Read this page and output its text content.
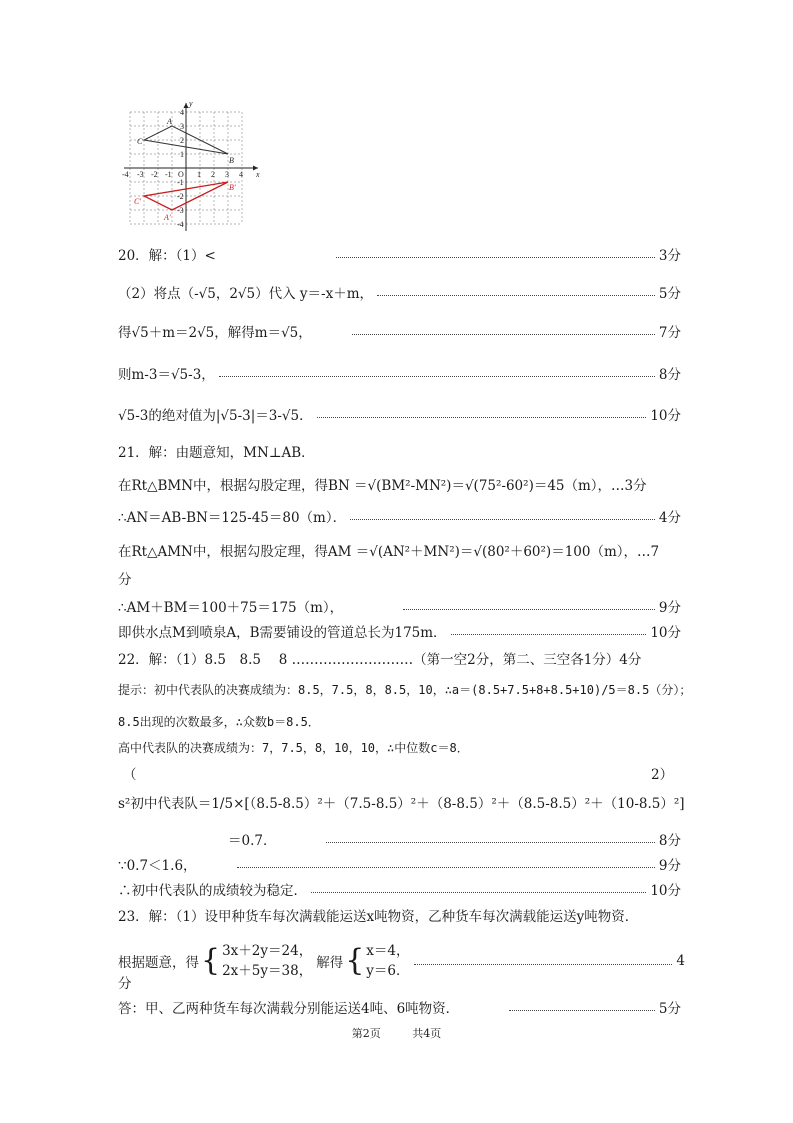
-4 -3 -2 -1 O 1 2 3 4 x
4
3
2
1
-1
-2
-3
-4
y
A
B
C
A'
B'
C'
20．解：（1）<	3分
（2）将点（-√5，2√5）代入 y＝-x＋m，	5分
得√5＋m＝2√5，解得m＝√5，	7分
则m-3＝√5-3，	8分
√5-3的绝对值为|√5-3|＝3-√5．	10分
21．解：由题意知，MN⊥AB．
在Rt△BMN中，根据勾股定理，得BN ＝√(BM²-MN²)＝√(75²-60²)＝45（m），…3分
∴AN＝AB-BN＝125-45＝80（m）．	4分
在Rt△AMN中，根据勾股定理，得AM ＝√(AN²＋MN²)＝√(80²＋60²)＝100（m），…7
分
∴AM＋BM＝100＋75＝175（m），	9分
即供水点M到喷泉A，B需要铺设的管道总长为175m．	10分
22．解：（1）8.5　8.5　 8 ………………………（第一空2分，第二、三空各1分）4分
提示：初中代表队的决赛成绩为：8.5，7.5，8，8.5，10，∴a＝(8.5+7.5+8+8.5+10)/5＝8.5（分）；
8.5出现的次数最多，∴众数b＝8.5．
高中代表队的决赛成绩为：7，7.5，8，10，10，∴中位数c＝8．
（	2）
s²初中代表队＝1/5×[（8.5-8.5）²＋（7.5-8.5）²＋（8-8.5）²＋（8.5-8.5）²＋（10-8.5）²]
＝0.7．	8分
∵0.7＜1.6，	9分
∴初中代表队的成绩较为稳定．	10分
23．解：（1）设甲种货车每次满载能运送x吨物资，乙种货车每次满载能运送y吨物资．
根据题意，得 { 3x＋2y＝24，
2x＋5y＝38， 解得 { x＝4，
y＝6．
4
分
答：甲、乙两种货车每次满载分别能运送4吨、6吨物资．	5分
第2页	共4页
